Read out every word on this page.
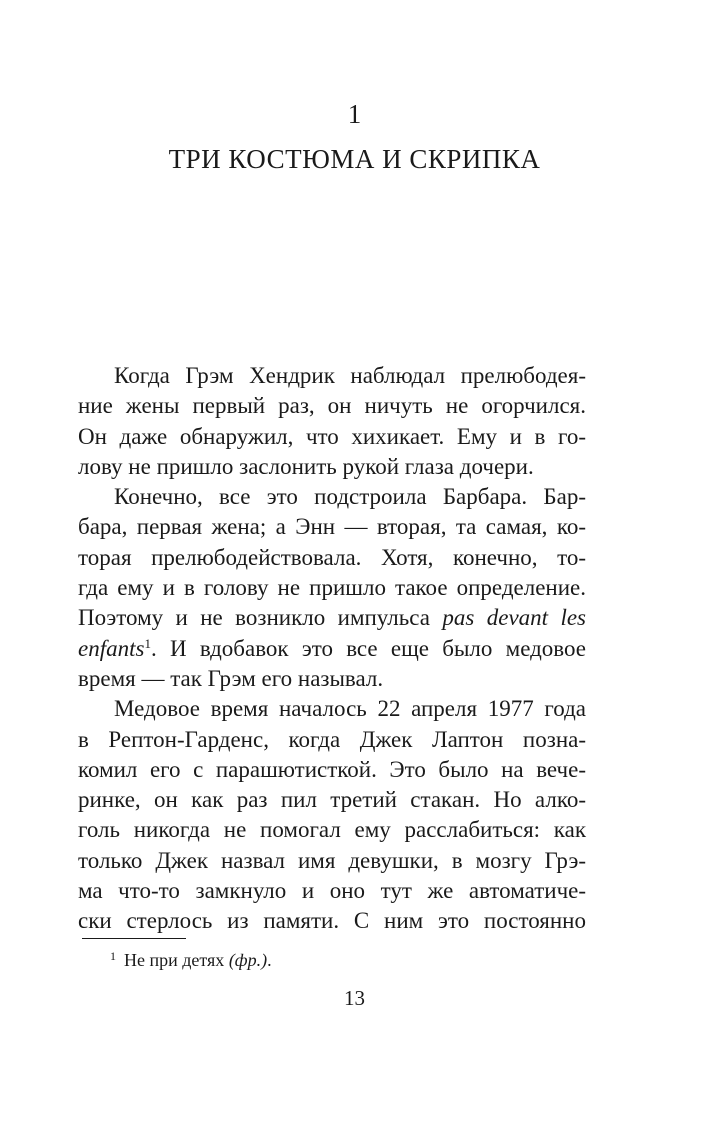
1
ТРИ КОСТЮМА И СКРИПКА
Когда Грэм Хендрик наблюдал прелюбодея-
ние жены первый раз, он ничуть не огорчился.
Он даже обнаружил, что хихикает. Ему и в го-
лову не пришло заслонить рукой глаза дочери.
Конечно, все это подстроила Барбара. Бар-
бара, первая жена; а Энн — вторая, та самая, ко-
торая прелюбодействовала. Хотя, конечно, то-
гда ему и в голову не пришло такое определение.
Поэтому и не возникло импульса pas devant les
enfants$^1$. И вдобавок это все еще было медовое
время — так Грэм его называл.
Медовое время началось 22 апреля 1977 года
в Рептон-Гарденс, когда Джек Лаптон позна-
комил его с парашютисткой. Это было на вече-
ринке, он как раз пил третий стакан. Но алко-
голь никогда не помогал ему расслабиться: как
только Джек назвал имя девушки, в мозгу Грэ-
ма что-то замкнуло и оно тут же автоматиче-
ски стерлось из памяти. С ним это постоянно
$^1$ Не при детях (фр.).
13
